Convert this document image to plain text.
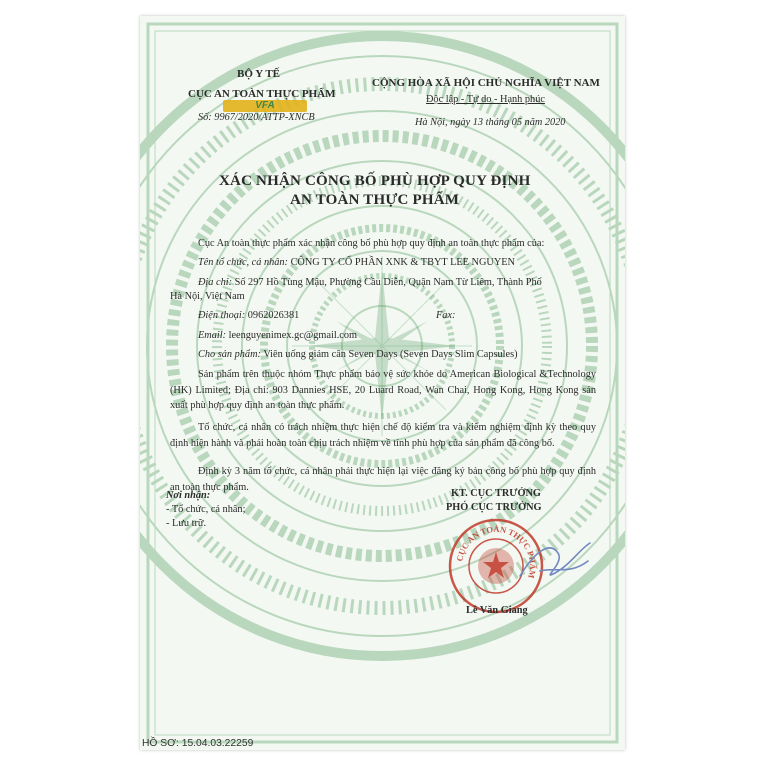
BỘ Y TẾ
CỤC AN TOÀN THỰC PHẨM
VFA
Số: 9967/2020/ATTP-XNCB
CỘNG HÒA XÃ HỘI CHỦ NGHĨA VIỆT NAM
Độc lập - Tự do - Hạnh phúc
Hà Nội, ngày 13 tháng 05 năm 2020
XÁC NHẬN CÔNG BỐ PHÙ HỢP QUY ĐỊNH
AN TOÀN THỰC PHẨM
Cục An toàn thực phẩm xác nhận công bố phù hợp quy định an toàn thực phẩm của:
Tên tổ chức, cá nhân: CÔNG TY CỔ PHẦN XNK & TBYT LEE NGUYEN
Địa chỉ: Số 297 Hồ Tùng Mậu, Phường Cầu Diễn, Quận Nam Từ Liêm, Thành Phố
Hà Nội, Việt Nam
Điện thoại: 0962026381	Fax:
Email: leenguyenimex.gc@gmail.com
Cho sản phẩm: Viên uống giảm cân Seven Days (Seven Days Slim Capsules)
Sản phẩm trên thuộc nhóm Thực phẩm bảo vệ sức khỏe do American Biological &Technology (HK) Limited; Địa chỉ: 903 Dannies HSE, 20 Luard Road, Wan Chai, Hong Kong, Hong Kong sản xuất phù hợp quy định an toàn thực phẩm.
Tổ chức, cá nhân có trách nhiệm thực hiện chế độ kiểm tra và kiểm nghiệm định kỳ theo quy định hiện hành và phải hoàn toàn chịu trách nhiệm về tính phù hợp của sản phẩm đã công bố.
Định kỳ 3 năm tổ chức, cá nhân phải thực hiện lại việc đăng ký bản công bố phù hợp quy định an toàn thực phẩm.
Nơi nhận:
- Tổ chức, cá nhân;
- Lưu trữ.
KT. CỤC TRƯỞNG
PHÓ CỤC TRƯỞNG
CỤC AN TOÀN THỰC PHẨM
Lê Văn Giang
HỒ SƠ: 15.04.03.22259
